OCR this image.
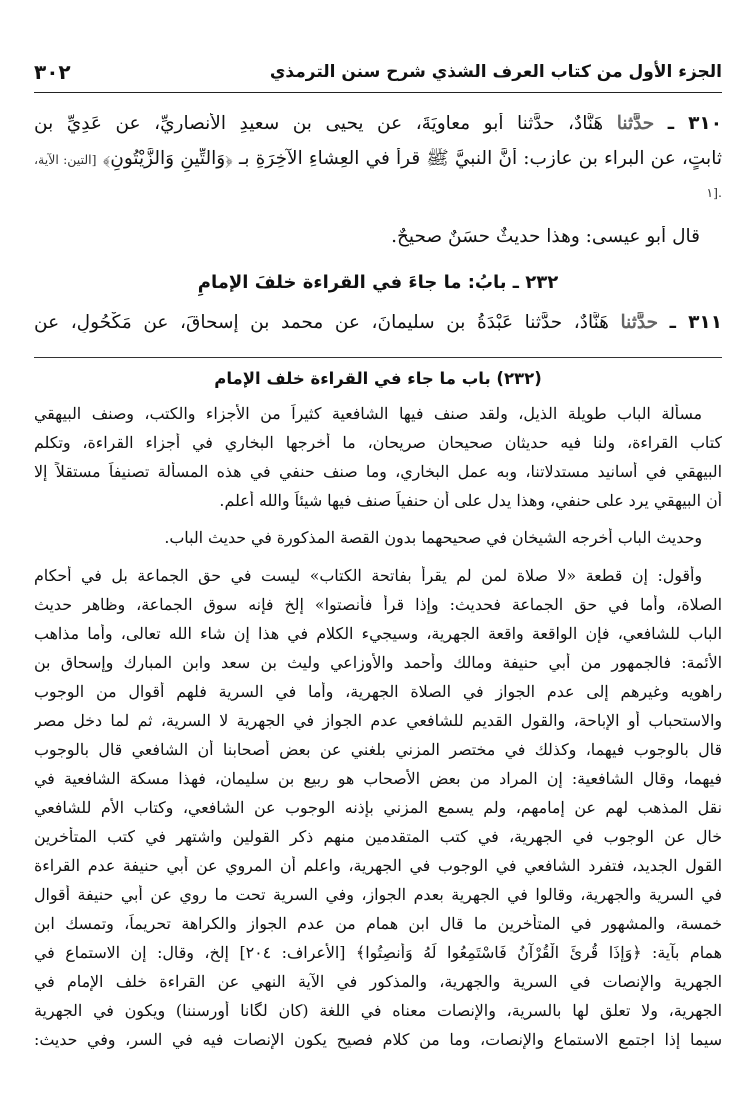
الجزء الأول من كتاب العرف الشذي شرح سنن الترمذي
٣٠٢
٣١٠ ـ حدَّثنا هَنَّادٌ، حدَّثنا أبو معاويَةَ، عن يحيى بن سعيدِ الأنصاريِّ، عن عَدِيِّ بنِ
ثابتٍ، عن البراء بن عازب: أَنَّ النبيَّ ﷺ قرأَ في العِشاءِ الآخِرَةِ بـ ﴿وَالتِّينِ وَالزَّيْتُونِ﴾ [التين: الآية،
.[١
قال أبو عيسى: وهذا حديثٌ حسَنٌ صحيحٌ.
٢٣٢ ـ بابُ: ما جاءَ في القراءة خلفَ الإمامِ
٣١١ ـ حدَّثنا هَنَّادٌ، حدَّثنا عَبْدَةُ بن سليمانَ، عن محمد بن إسحاقَ، عن مَكْحُولٍ، عن
(٢٣٢) باب ما جاء في القراءة خلف الإمام
مسألة الباب طويلة الذيل، ولقد صنف فيها الشافعية كثيراً من الأجزاء والكتب، وصنف البيهقي
كتاب القراءة، ولنا فيه حديثان صحيحان صريحان، ما أخرجها البخاري في أجزاء القراءة، وتكلم
البيهقي في أسانيد مستدلاتنا، وبه عمل البخاري، وما صنف حنفي في هذه المسألة تصنيفاً مستقلاً إلا
أن البيهقي يرد على حنفي، وهذا يدل على أن حنفياً صنف فيها شيئاً والله أعلم.
وحديث الباب أخرجه الشيخان في صحيحهما بدون القصة المذكورة في حديث الباب.
وأقول: إن قطعة «لا صلاة لمن لم يقرأ بفاتحة الكتاب» ليست في حق الجماعة بل في أحكام
الصلاة، وأما في حق الجماعة فحديث: وإذا قرأ فأنصتوا» إلخ فإنه سوق الجماعة، وظاهر حديث
الباب للشافعي، فإن الواقعة واقعة الجهرية، وسيجيء الكلام في هذا إن شاء الله تعالى، وأما مذاهب
الأئمة: فالجمهور من أبي حنيفة ومالك وأحمد والأوزاعي وليث بن سعد وابن المبارك وإسحاق بن
راهويه وغيرهم إلى عدم الجواز في الصلاة الجهرية، وأما في السرية فلهم أقوال من الوجوب
والاستحباب أو الإباحة، والقول القديم للشافعي عدم الجواز في الجهرية لا السرية، ثم لما دخل مصر
قال بالوجوب فيهما، وكذلك في مختصر المزني بلغني عن بعض أصحابنا أن الشافعي قال بالوجوب
فيهما، وقال الشافعية: إن المراد من بعض الأصحاب هو ربيع بن سليمان، فهذا مسكة الشافعية في
نقل المذهب لهم عن إمامهم، ولم يسمع المزني بإذنه الوجوب عن الشافعي، وكتاب الأم للشافعي
خالٍ عن الوجوب في الجهرية، في كتب المتقدمين منهم ذكر القولين واشتهر في كتب المتأخرين
القول الجديد، فتفرد الشافعي في الوجوب في الجهرية، واعلم أن المروي عن أبي حنيفة عدم القراءة
في السرية والجهرية، وقالوا في الجهرية بعدم الجواز، وفي السرية تحت ما روي عن أبي حنيفة أقوال
خمسة، والمشهور في المتأخرين ما قال ابن همام من عدم الجواز والكراهة تحريماً، وتمسك ابن
همام بآية: ﴿وَإِذَا قُرِئَ الْقُرْآنُ فَاسْتَمِعُوا لَهُ وَأَنصِتُوا﴾ [الأعراف: ٢٠٤] إلخ، وقال: إن الاستماع في
الجهرية والإنصات في السرية والجهرية، والمذكور في الآية النهي عن القراءة خلف الإمام في
الجهرية، ولا تعلق لها بالسرية، والإنصات معناه في اللغة (كان لگانا أورسننا) ويكون في الجهرية
سيما إذا اجتمع الاستماع والإنصات، وما من كلام فصيح يكون الإنصات فيه في السر، وفي حديث:
